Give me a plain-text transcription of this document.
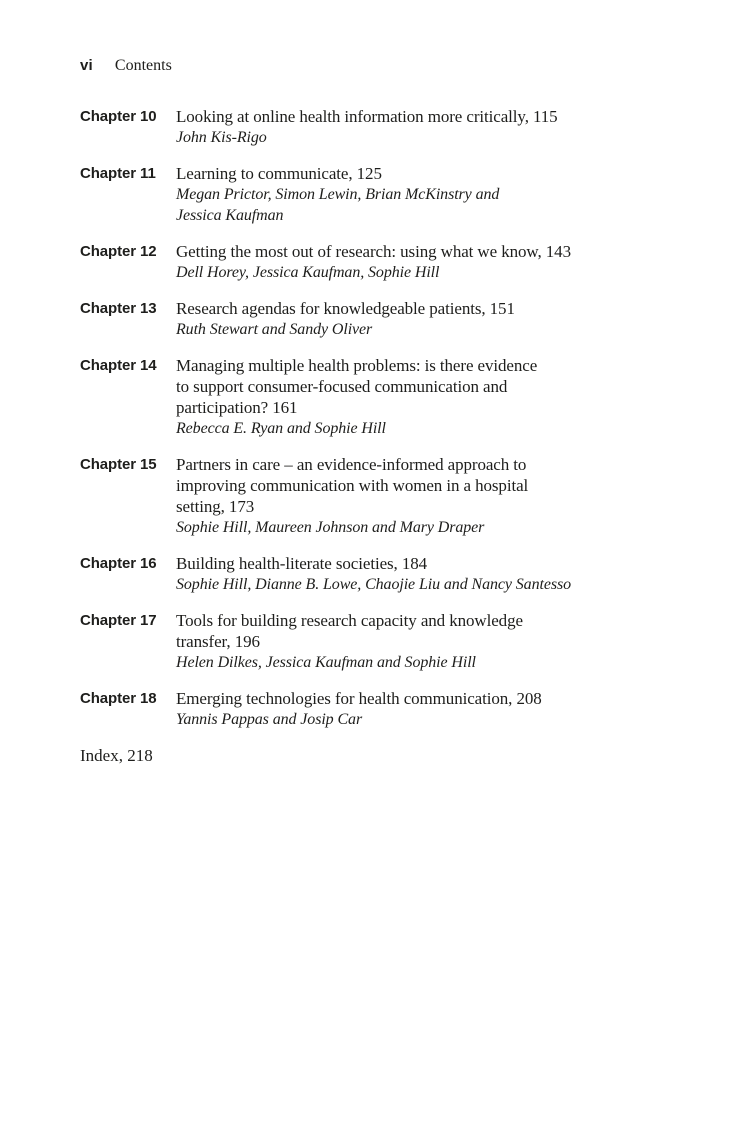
vi Contents
Chapter 10	Looking at online health information more critically, 115
John Kis-Rigo
Chapter 11	Learning to communicate, 125
Megan Prictor, Simon Lewin, Brian McKinstry and
Jessica Kaufman
Chapter 12	Getting the most out of research: using what we know, 143
Dell Horey, Jessica Kaufman, Sophie Hill
Chapter 13	Research agendas for knowledgeable patients, 151
Ruth Stewart and Sandy Oliver
Chapter 14	Managing multiple health problems: is there evidence
to support consumer-focused communication and
participation? 161
Rebecca E. Ryan and Sophie Hill
Chapter 15	Partners in care – an evidence-informed approach to
improving communication with women in a hospital
setting, 173
Sophie Hill, Maureen Johnson and Mary Draper
Chapter 16	Building health-literate societies, 184
Sophie Hill, Dianne B. Lowe, Chaojie Liu and Nancy Santesso
Chapter 17	Tools for building research capacity and knowledge
transfer, 196
Helen Dilkes, Jessica Kaufman and Sophie Hill
Chapter 18	Emerging technologies for health communication, 208
Yannis Pappas and Josip Car
Index, 218
